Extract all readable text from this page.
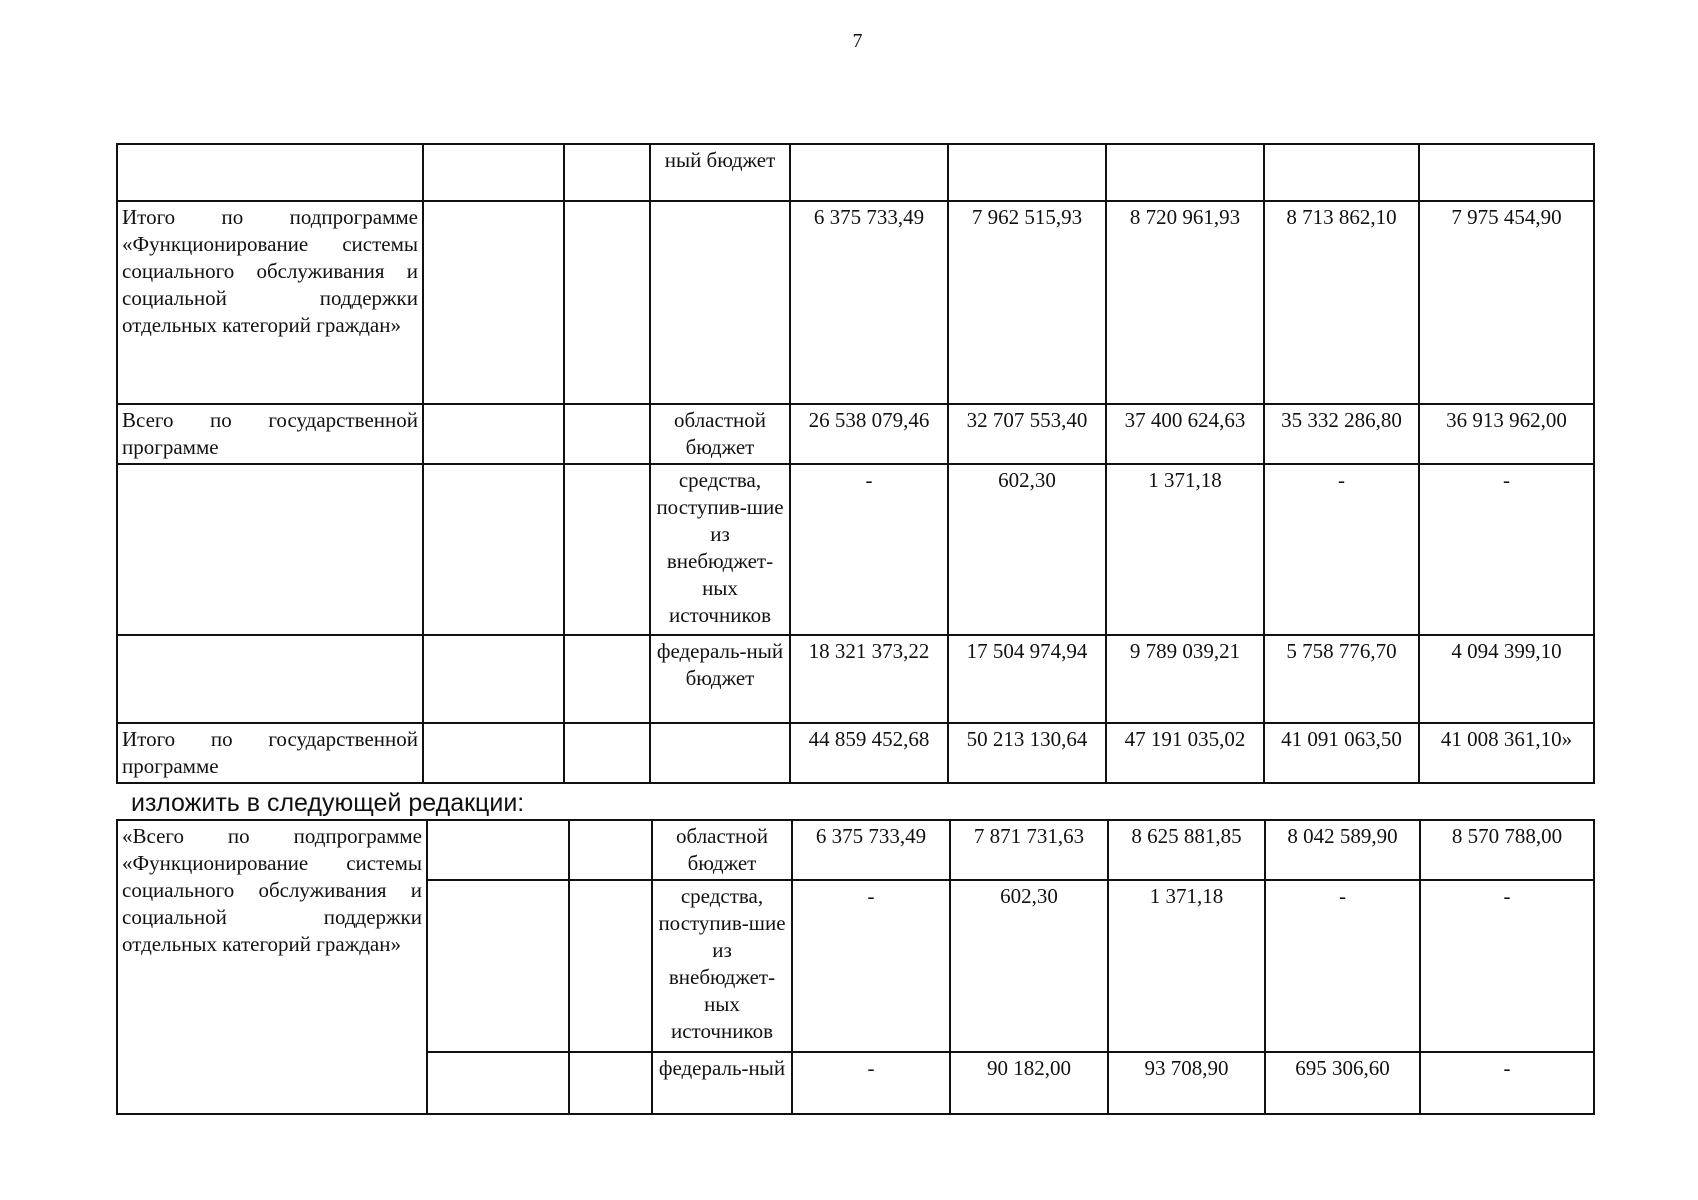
7
			ный бюджет					
Итого по подпрограмме «Функционирование системы социального обслуживания и социальной поддержки отдельных категорий граждан»				6 375 733,49	7 962 515,93	8 720 961,93	8 713 862,10	7 975 454,90
Всего по государственной программе			областной бюджет	26 538 079,46	32 707 553,40	37 400 624,63	35 332 286,80	36 913 962,00
			средства, поступив-шие из внебюджет-ных источников	-	602,30	1 371,18	-	-
			федераль-ный бюджет	18 321 373,22	17 504 974,94	9 789 039,21	5 758 776,70	4 094 399,10
Итого по государственной программе				44 859 452,68	50 213 130,64	47 191 035,02	41 091 063,50	41 008 361,10»
изложить в следующей редакции:
«Всего по подпрограмме «Функционирование системы социального обслуживания и социальной поддержки отдельных категорий граждан»			областной бюджет	6 375 733,49	7 871 731,63	8 625 881,85	8 042 589,90	8 570 788,00
			средства, поступив-шие из внебюджет-ных источников	-	602,30	1 371,18	-	-
			федераль-ный	-	90 182,00	93 708,90	695 306,60	-
